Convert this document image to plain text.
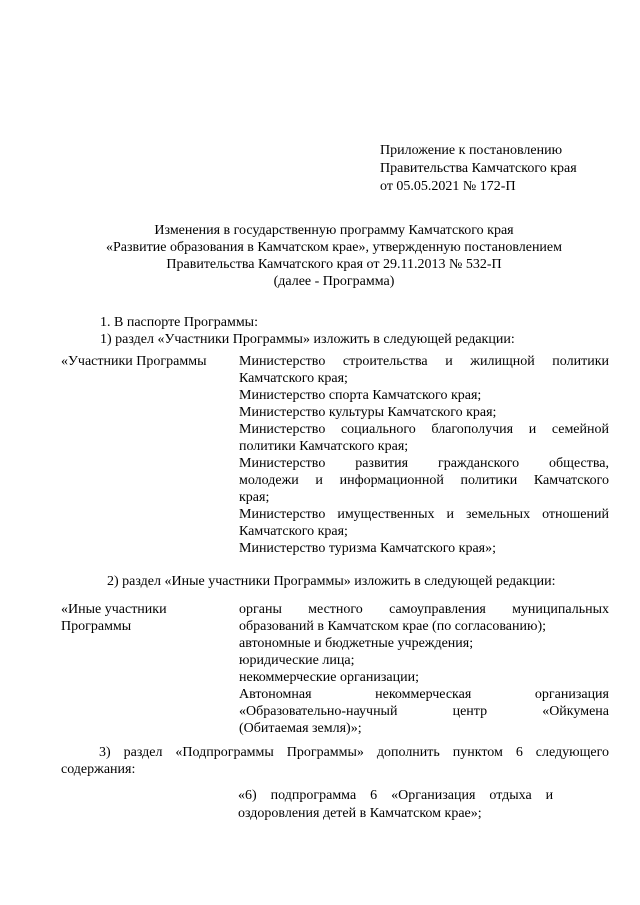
Приложение к постановлению
Правительства Камчатского края
от 05.05.2021 № 172-П
Изменения в государственную программу Камчатского края
«Развитие образования в Камчатском крае», утвержденную постановлением
Правительства Камчатского края от 29.11.2013 № 532-П
(далее - Программа)
1. В паспорте Программы:
1) раздел «Участники Программы» изложить в следующей редакции:
«Участники Программы	Министерство строительства и жилищной политики
Камчатского края;
Министерство спорта Камчатского края;
Министерство культуры Камчатского края;
Министерство социального благополучия и семейной
политики Камчатского края;
Министерство развития гражданского общества,
молодежи и информационной политики Камчатского
края;
Министерство имущественных и земельных отношений
Камчатского края;
Министерство туризма Камчатского края»;
2) раздел «Иные участники Программы» изложить в следующей редакции:
«Иные участники
Программы
органы местного самоуправления муниципальных
образований в Камчатском крае (по согласованию);
автономные и бюджетные учреждения;
юридические лица;
некоммерческие организации;
Автономная некоммерческая организация
«Образовательно-научный центр «Ойкумена
(Обитаемая земля)»;
3) раздел «Подпрограммы Программы» дополнить пунктом 6 следующего
содержания:
«6)    подпрограмма    6    «Организация    отдыха    и
оздоровления детей в Камчатском крае»;
